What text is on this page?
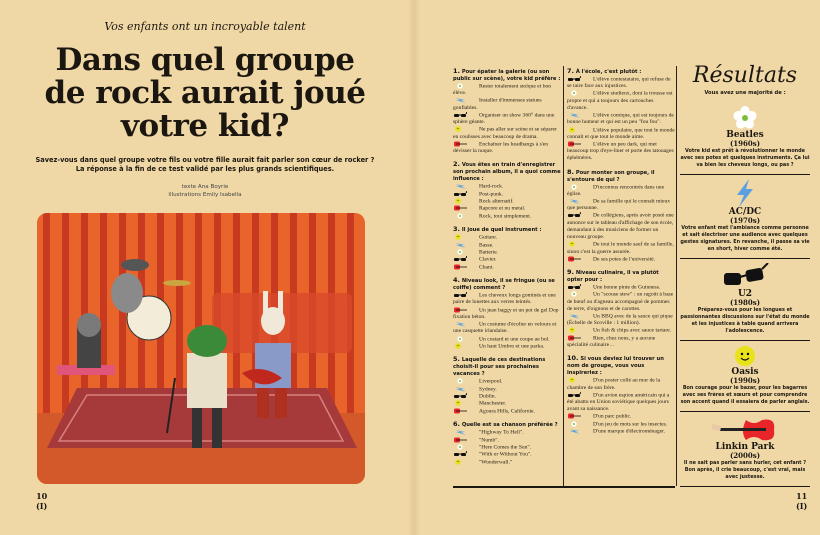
Vos enfants ont un incroyable talent
Dans quel groupe
de rock aurait joué
votre kid?
Savez-vous dans quel groupe votre fils ou votre fille aurait fait parler son cœur de rocker ?
La réponse à la fin de ce test validé par les plus grands scientifiques.
texte Ana Boyrie
illustrations Emily Isabella
10
(I)
1. Pour épater la galerie (ou son public sur scène), votre kid préfère :
Rester totalement stoïque et bon élève.
Installer d'immenses statues gonflables.
Organiser un show 360° dans une sphère géante.
Ne pas aller sur scène et se séparer en coulisses avec beaucoup de drama.
Enchaîner les headbangs à s'en dévisser la nuque.
2. Vous êtes en train d'enregistrer son prochain album, il a quoi comme influence :
Hard-rock.
Post-punk.
Rock alternatif.
Rapcore et nu metal.
Rock, tout simplement.
3. Il joue de quel instrument :
Guitare.
Basse.
Batterie.
Clavier.
Chant.
4. Niveau look, il se fringue (ou se coiffe) comment ?
Les cheveux longs gominés et une paire de lunettes aux verres teintés.
Un jean baggy et un pot de gel Dop fixation béton.
Un costume d'écolier en velours et une casquette irlandaise.
Un costard et une coupe au bol.
Un haut Umbro et une parka.
5. Laquelle de ces destinations choisit-il pour ses prochaines vacances ?
Liverpool.
Sydney.
Dublin.
Manchester.
Agoura Hills, Californie.
6. Quelle est sa chanson préférée ?
"Highway To Hell".
"Numb".
"Here Comes the Sun".
"With or Without You".
"Wonderwall."
7. À l'école, c'est plutôt :
L'élève contestataire, qui refuse de se taire face aux injustices.
L'élève studieux, dont la trousse est propre et qui a toujours des cartouches d'avance.
L'élève comique, qui est toujours de bonne humeur et qui est un peu "fou fou".
L'élève populaire, que tout le monde connaît et que tout le monde aime.
L'élève un peu dark, qui met beaucoup trop d'eye-liner et porte des tatouages éphémères.
8. Pour monter son groupe, il s'entoure de qui ?
D'inconnus rencontrés dans une église.
De sa famille qui le connaît mieux que personne.
De collégiens, après avoir posté une annonce sur le tableau d'affichage de son école, demandant à des musiciens de former un nouveau groupe.
De tout le monde sauf de sa famille, sinon c'est la guerre assurée.
De ses potes de l'université.
9. Niveau culinaire, il va plutôt opter pour :
Une bonne pinte de Guinness.
Un "scouse stew" : un ragoût à base de bœuf ou d'agneau accompagné de pommes de terre, d'oignons et de carottes.
Un BBQ avec de la sauce qui pique (Échelle de Scoville : 1 million).
Un fish & chips avec sauce tartare.
Rien, chez nous, y a aucune spécialité culinaire…
10. Si vous deviez lui trouver un nom de groupe, vous vous inspireriez :
D'un poster collé au mur de la chambre de son frère.
D'un avion espion américain qui a été abattu en Union soviétique quelques jours avant sa naissance.
D'un parc public.
D'un jeu de mots sur les insectes.
D'une marque d'électroménager.
Résultats
Vous avez une majorité de :
Beatles
(1960s)

Votre kid est prêt à révolutionner le monde avec ses potes et quelques instruments. Ça lui va bien les cheveux longs, ou pas ?

AC/DC
(1970s)

Votre enfant met l'ambiance comme personne et sait électriser une audience avec quelques gestes signatures. En revanche, il passe sa vie en short, hiver comme été.

U2
(1980s)

Préparez-vous pour les longues et passionnantes discussions sur l'état du monde et les injustices à table quand arrivera l'adolescence.

Oasis
(1990s)

Bon courage pour le bazar, pour les bagarres avec ses frères et sœurs et pour comprendre son accent quand il essaiera de parler anglais.

Linkin Park
(2000s)

Il ne sait pas parler sans hurler, cet enfant ? Bon après, il crie beaucoup, c'est vrai, mais avec justesse.

11
(I)
